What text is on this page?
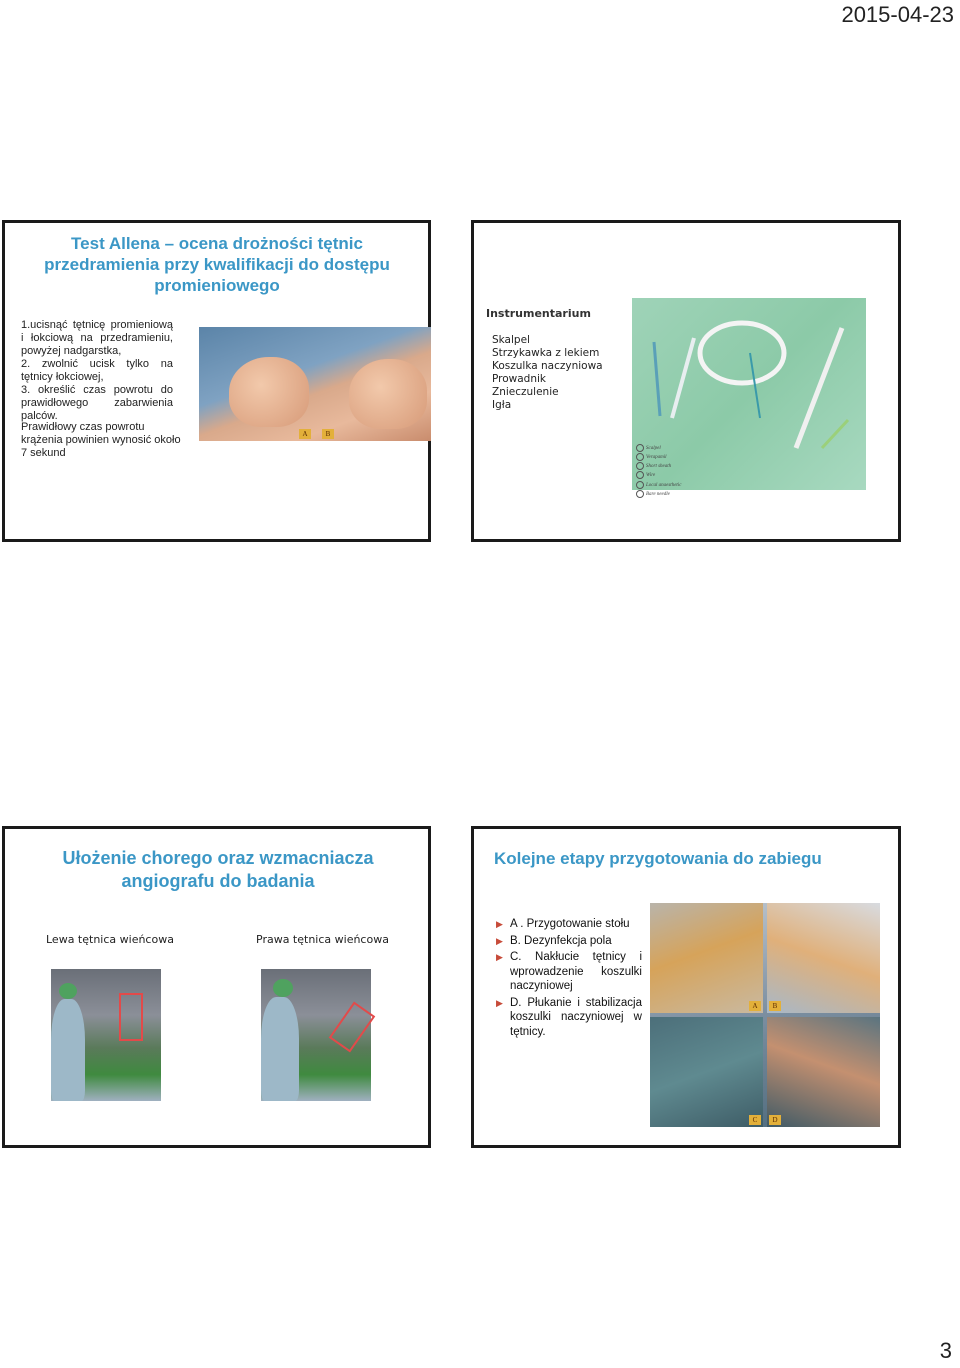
2015-04-23
Test Allena – ocena drożności tętnic przedramienia przy kwalifikacji do dostępu promieniowego
1.ucisnąć tętnicę promieniową i łokciową na przedramieniu, powyżej nadgarstka,
2. zwolnić ucisk tylko na tętnicy łokciowej,
3. określić czas powrotu do prawidłowego zabarwienia palców.
Prawidłowy czas powrotu krążenia powinien wynosić około 7 sekund
A	B
Instrumentarium
Skalpel
Strzykawka z lekiem
Koszulka naczyniowa
Prowadnik
Znieczulenie
Igła
Scalpel
Verapamil
Short sheath
Wire
Local anaesthetic
Bare needle
Ułożenie chorego oraz wzmacniacza angiografu do badania
Lewa tętnica wieńcowa	Prawa tętnica wieńcowa
Kolejne etapy przygotowania do zabiegu
▶ A . Przygotowanie stołu
▶ B. Dezynfekcja pola
▶ C. Nakłucie tętnicy i wprowadzenie koszulki naczyniowej
▶ D. Płukanie i stabilizacja koszulki naczyniowej w tętnicy.
A	B
C	D
3
